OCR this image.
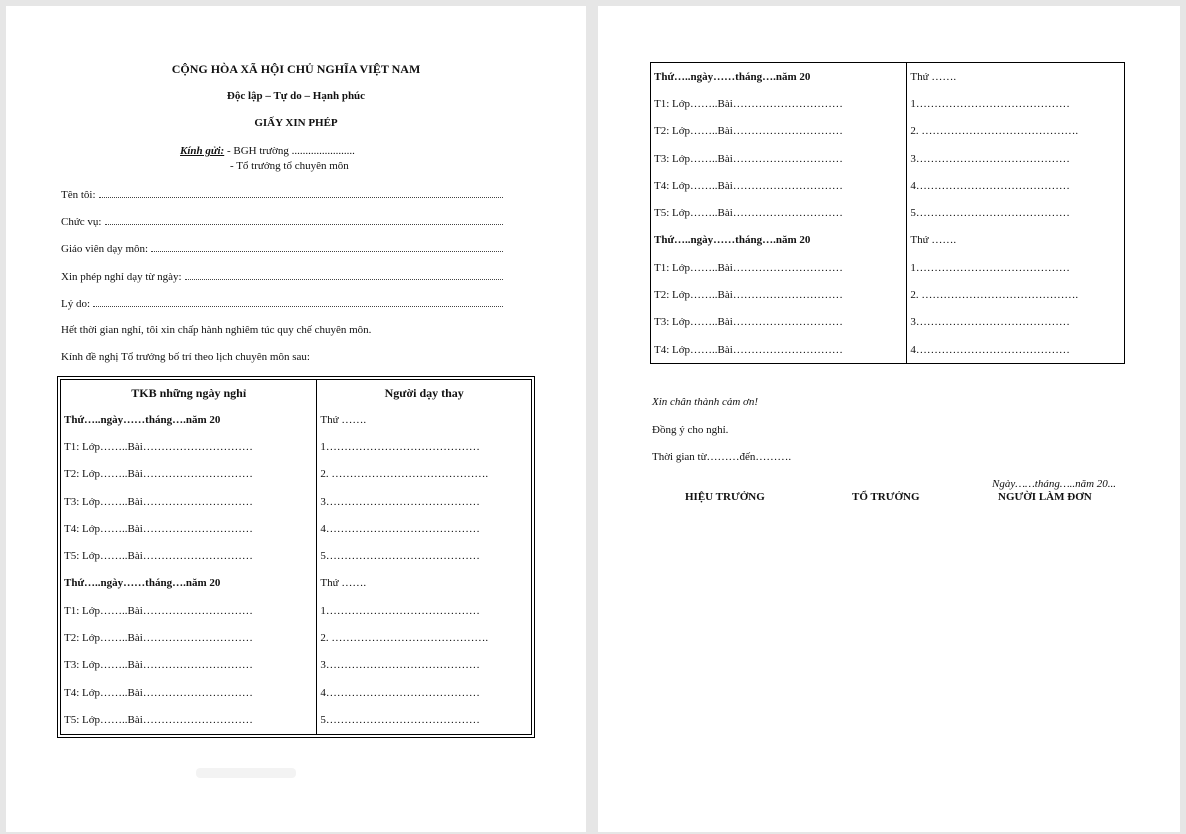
CỘNG HÒA XÃ HỘI CHỦ NGHĨA VIỆT NAM
Độc lập – Tự do – Hạnh phúc
GIẤY XIN PHÉP
Kính gửi: - BGH trường .......................
- Tổ trưởng tổ chuyên môn
Tên tôi:
Chức vụ:
Giáo viên dạy môn:
Xin phép nghỉ dạy từ ngày:
Lý do:
Hết thời gian nghỉ, tôi xin chấp hành nghiêm túc quy chế chuyên môn.
Kính đề nghị Tổ trưởng bố trí theo lịch chuyên môn sau:
TKB những ngày nghỉ	Người dạy thay
Thứ…..ngày……tháng….năm 20	Thứ …….
T1: Lớp……..Bài…………………………	1……………………………………
T2: Lớp……..Bài…………………………	2. …………………………………….
T3: Lớp……..Bài…………………………	3……………………………………
T4: Lớp……..Bài…………………………	4……………………………………
T5: Lớp……..Bài…………………………	5……………………………………
Thứ…..ngày……tháng….năm 20	Thứ …….
T1: Lớp……..Bài…………………………	1……………………………………
T2: Lớp……..Bài…………………………	2. …………………………………….
T3: Lớp……..Bài…………………………	3……………………………………
T4: Lớp……..Bài…………………………	4……………………………………
T5: Lớp……..Bài…………………………	5……………………………………
Thứ…..ngày……tháng….năm 20	Thứ …….
T1: Lớp……..Bài…………………………	1……………………………………
T2: Lớp……..Bài…………………………	2. …………………………………….
T3: Lớp……..Bài…………………………	3……………………………………
T4: Lớp……..Bài…………………………	4……………………………………
T5: Lớp……..Bài…………………………	5……………………………………
Thứ…..ngày……tháng….năm 20	Thứ …….
T1: Lớp……..Bài…………………………	1……………………………………
T2: Lớp……..Bài…………………………	2. …………………………………….
T3: Lớp……..Bài…………………………	3……………………………………
T4: Lớp……..Bài…………………………	4……………………………………
Xin chân thành cảm ơn!
Đồng ý cho nghỉ.
Thời gian từ………đến……….
Ngày……tháng…..năm 20...
HIỆU TRƯỞNG	TỔ TRƯỞNG	NGƯỜI LÀM ĐƠN
